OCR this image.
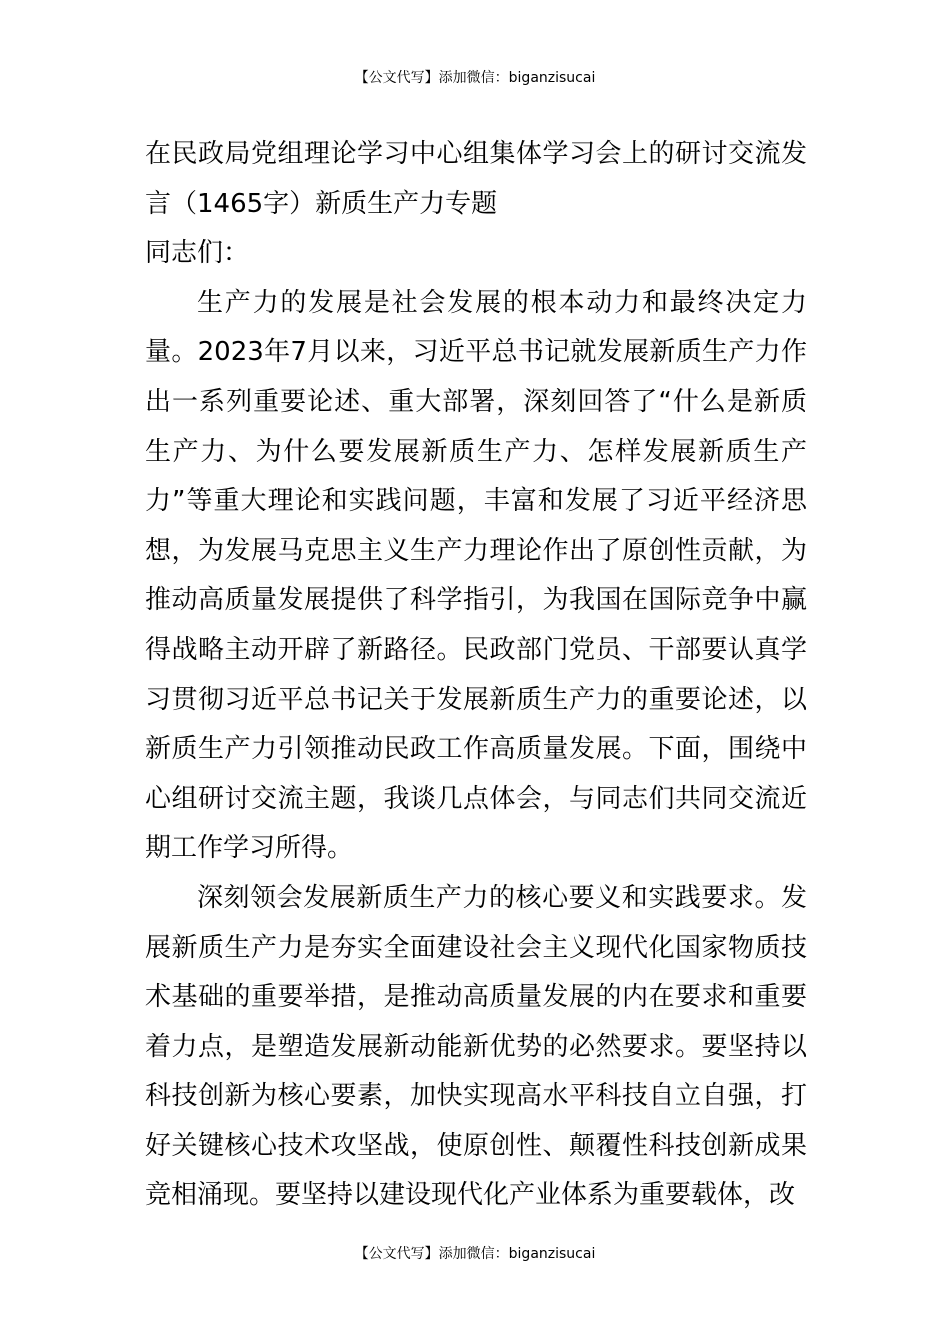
【公文代写】添加微信：biganzisucai

在民政局党组理论学习中心组集体学习会上的研讨交流发言（1465字）新质生产力专题

同志们：

生产力的发展是社会发展的根本动力和最终决定力量。2023年7月以来，习近平总书记就发展新质生产力作出一系列重要论述、重大部署，深刻回答了“什么是新质生产力、为什么要发展新质生产力、怎样发展新质生产力”等重大理论和实践问题，丰富和发展了习近平经济思想，为发展马克思主义生产力理论作出了原创性贡献，为推动高质量发展提供了科学指引，为我国在国际竞争中赢得战略主动开辟了新路径。民政部门党员、干部要认真学习贯彻习近平总书记关于发展新质生产力的重要论述，以新质生产力引领推动民政工作高质量发展。下面，围绕中心组研讨交流主题，我谈几点体会，与同志们共同交流近期工作学习所得。

深刻领会发展新质生产力的核心要义和实践要求。发展新质生产力是夯实全面建设社会主义现代化国家物质技术基础的重要举措，是推动高质量发展的内在要求和重要着力点，是塑造发展新动能新优势的必然要求。要坚持以科技创新为核心要素，加快实现高水平科技自立自强，打好关键核心技术攻坚战，使原创性、颠覆性科技创新成果竞相涌现。要坚持以建设现代化产业体系为重要载体，改

【公文代写】添加微信：biganzisucai
